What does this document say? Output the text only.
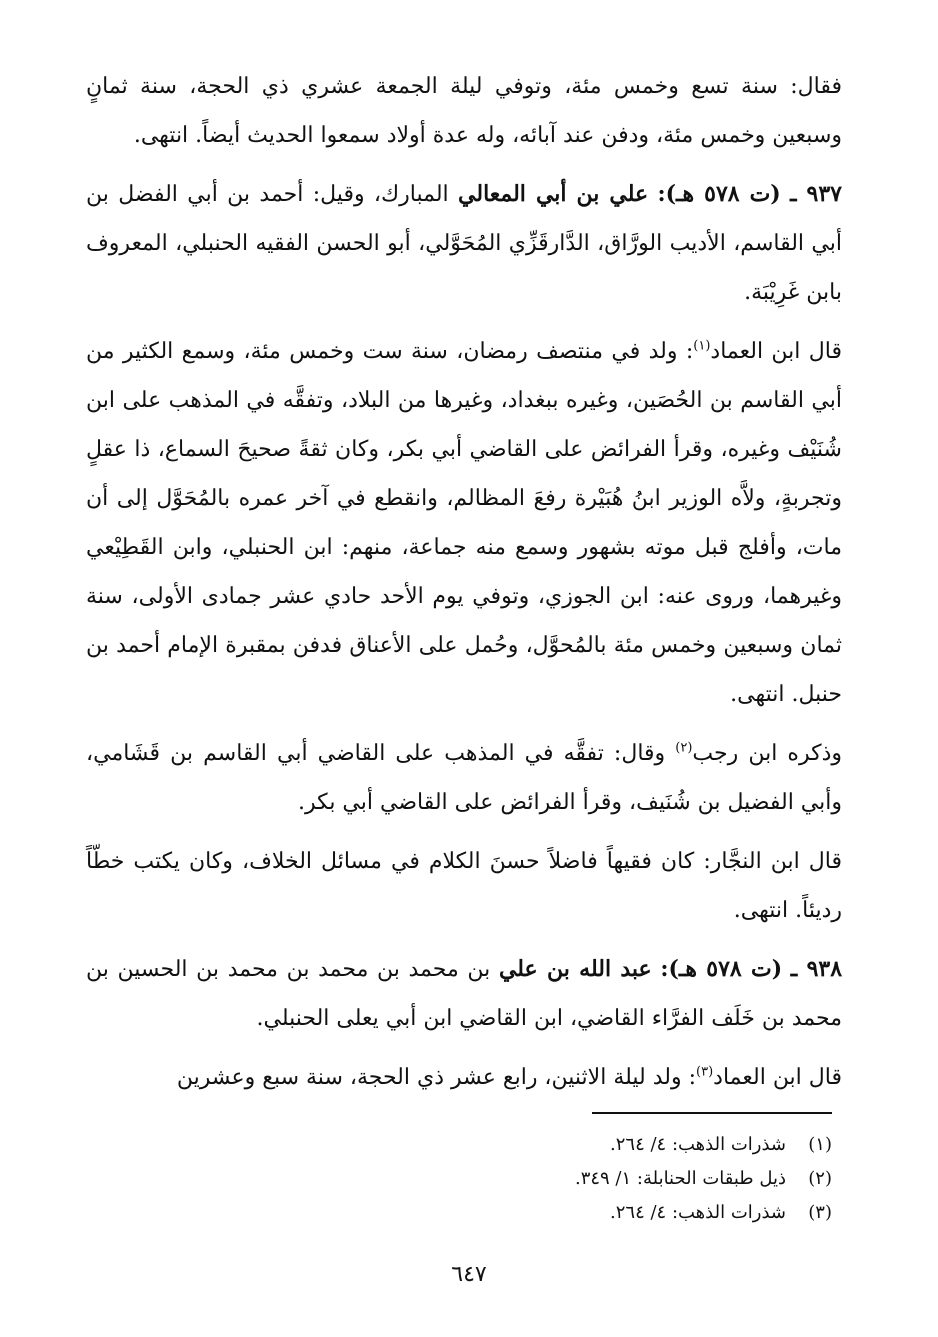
فقال: سنة تسع وخمس مئة، وتوفي ليلة الجمعة عشري ذي الحجة، سنة ثمانٍ وسبعين وخمس مئة، ودفن عند آبائه، وله عدة أولاد سمعوا الحديث أيضاً. انتهى.

٩٣٧ ـ (ت ٥٧٨ هـ): علي بن أبي المعالي المبارك، وقيل: أحمد بن أبي الفضل بن أبي القاسم، الأديب الورَّاق، الدَّارقَزِّي المُحَوَّلي، أبو الحسن الفقيه الحنبلي، المعروف بابن غَرِيْبَة.

قال ابن العماد$^{(١)}$: ولد في منتصف رمضان، سنة ست وخمس مئة، وسمع الكثير من أبي القاسم بن الحُصَين، وغيره ببغداد، وغيرها من البلاد، وتفقَّه في المذهب على ابن شُنَيْف وغيره، وقرأ الفرائض على القاضي أبي بكر، وكان ثقةً صحيحَ السماع، ذا عقلٍ وتجربةٍ، ولاَّه الوزير ابنُ هُبَيْرة رفعَ المظالم، وانقطع في آخر عمره بالمُحَوَّل إلى أن مات، وأفلج قبل موته بشهور وسمع منه جماعة، منهم: ابن الحنبلي، وابن القَطِيْعي وغيرهما، وروى عنه: ابن الجوزي، وتوفي يوم الأحد حادي عشر جمادى الأولى، سنة ثمان وسبعين وخمس مئة بالمُحوَّل، وحُمل على الأعناق فدفن بمقبرة الإمام أحمد بن حنبل. انتهى.

وذكره ابن رجب$^{(٢)}$ وقال: تفقَّه في المذهب على القاضي أبي القاسم بن قَشَامي، وأبي الفضيل بن شُنَيف، وقرأ الفرائض على القاضي أبي بكر.

قال ابن النجَّار: كان فقيهاً فاضلاً حسنَ الكلام في مسائل الخلاف، وكان يكتب خطّاً رديئاً. انتهى.

٩٣٨ ـ (ت ٥٧٨ هـ): عبد الله بن علي بن محمد بن محمد بن محمد بن الحسين بن محمد بن خَلَف الفرَّاء القاضي، ابن القاضي ابن أبي يعلى الحنبلي.

قال ابن العماد$^{(٣)}$: ولد ليلة الاثنين، رابع عشر ذي الحجة، سنة سبع وعشرين

(١)شذرات الذهب: ٤/ ٢٦٤.
(٢)ذيل طبقات الحنابلة: ١/ ٣٤٩.
(٣)شذرات الذهب: ٤/ ٢٦٤.
٦٤٧
